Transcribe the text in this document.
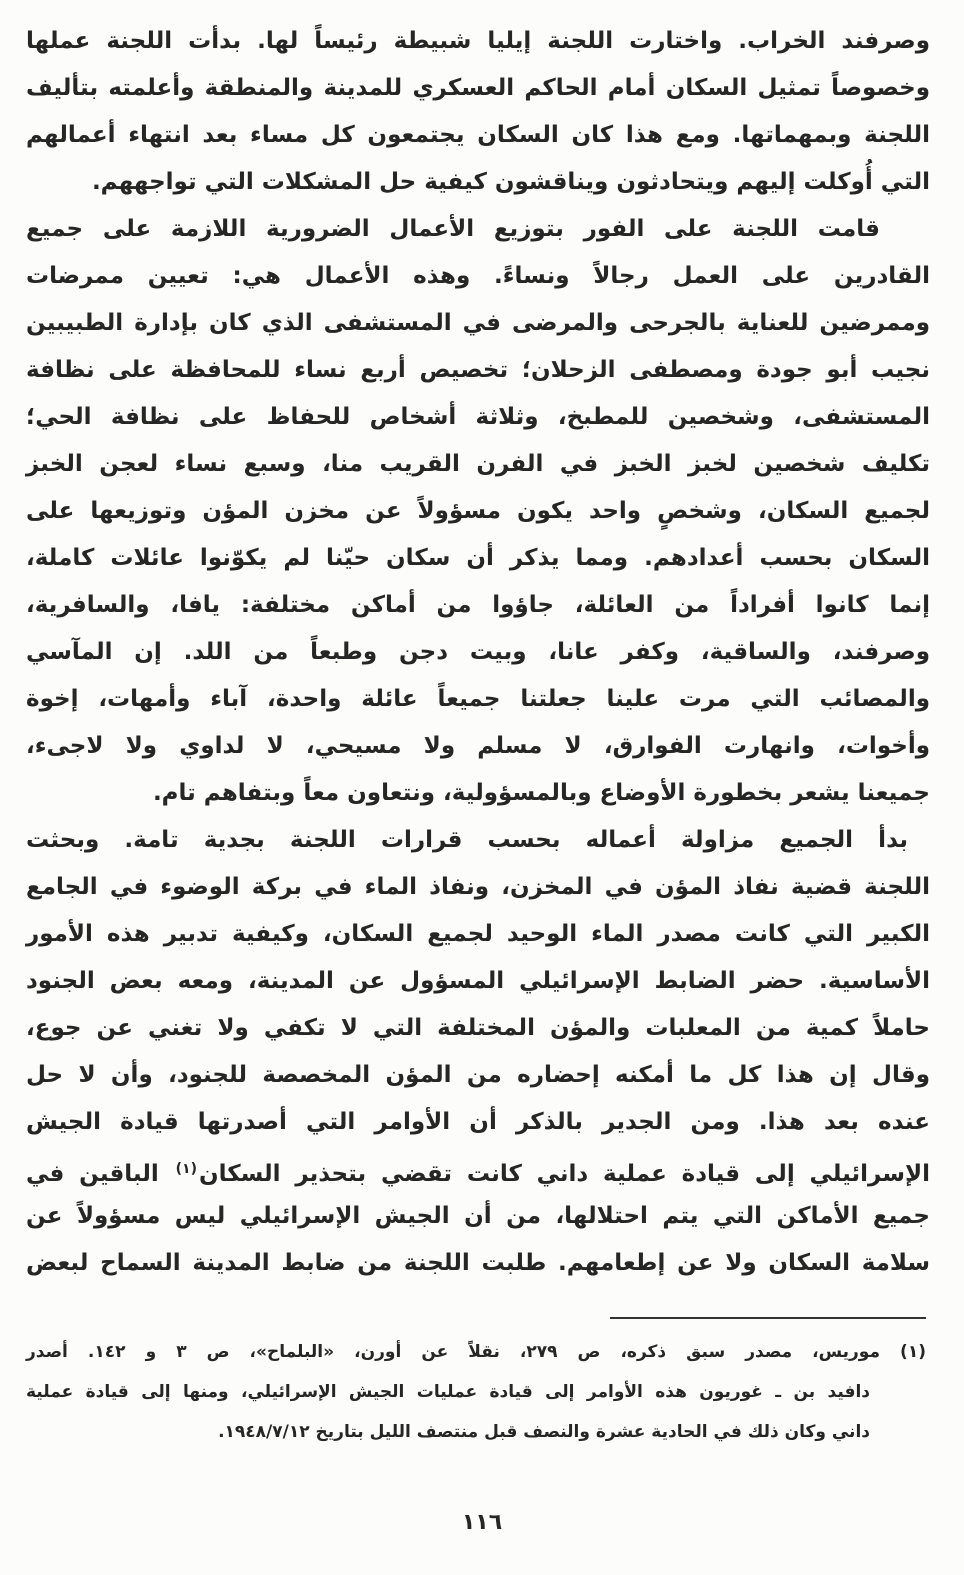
وصرفند الخراب. واختارت اللجنة إيليا شبيطة رئيساً لها. بدأت اللجنة عملها
وخصوصاً تمثيل السكان أمام الحاكم العسكري للمدينة والمنطقة وأعلمته بتأليف
اللجنة وبمهماتها. ومع هذا كان السكان يجتمعون كل مساء بعد انتهاء أعمالهم
التي أُوكلت إليهم ويتحادثون ويناقشون كيفية حل المشكلات التي تواجههم.
قامت اللجنة على الفور بتوزيع الأعمال الضرورية اللازمة على جميع
القادرين على العمل رجالاً ونساءً. وهذه الأعمال هي: تعيين ممرضات
وممرضين للعناية بالجرحى والمرضى في المستشفى الذي كان بإدارة الطبيبين
نجيب أبو جودة ومصطفى الزحلان؛ تخصيص أربع نساء للمحافظة على نظافة
المستشفى، وشخصين للمطبخ، وثلاثة أشخاص للحفاظ على نظافة الحي؛
تكليف شخصين لخبز الخبز في الفرن القريب منا، وسبع نساء لعجن الخبز
لجميع السكان، وشخصٍ واحد يكون مسؤولاً عن مخزن المؤن وتوزيعها على
السكان بحسب أعدادهم. ومما يذكر أن سكان حيّنا لم يكوّنوا عائلات كاملة،
إنما كانوا أفراداً من العائلة، جاؤوا من أماكن مختلفة: يافا، والسافرية،
وصرفند، والساقية، وكفر عانا، وبيت دجن وطبعاً من اللد. إن المآسي
والمصائب التي مرت علينا جعلتنا جميعاً عائلة واحدة، آباء وأمهات، إخوة
وأخوات، وانهارت الفوارق، لا مسلم ولا مسيحي، لا لداوي ولا لاجىء،
جميعنا يشعر بخطورة الأوضاع وبالمسؤولية، ونتعاون معاً وبتفاهم تام.
بدأ الجميع مزاولة أعماله بحسب قرارات اللجنة بجدية تامة. وبحثت
اللجنة قضية نفاذ المؤن في المخزن، ونفاذ الماء في بركة الوضوء في الجامع
الكبير التي كانت مصدر الماء الوحيد لجميع السكان، وكيفية تدبير هذه الأمور
الأساسية. حضر الضابط الإسرائيلي المسؤول عن المدينة، ومعه بعض الجنود
حاملاً كمية من المعلبات والمؤن المختلفة التي لا تكفي ولا تغني عن جوع،
وقال إن هذا كل ما أمكنه إحضاره من المؤن المخصصة للجنود، وأن لا حل
عنده بعد هذا. ومن الجدير بالذكر أن الأوامر التي أصدرتها قيادة الجيش
الإسرائيلي إلى قيادة عملية داني كانت تقضي بتحذير السكان$^{(١)}$ الباقين في
جميع الأماكن التي يتم احتلالها، من أن الجيش الإسرائيلي ليس مسؤولاً عن
سلامة السكان ولا عن إطعامهم. طلبت اللجنة من ضابط المدينة السماح لبعض
(١) موريس، مصدر سبق ذكره، ص ٢٧٩، نقلاً عن أورن، «البلماح»، ص ٣ و ١٤٢. أصدر
دافيد بن ـ غوريون هذه الأوامر إلى قيادة عمليات الجيش الإسرائيلي، ومنها إلى قيادة عملية
داني وكان ذلك في الحادية عشرة والنصف قبل منتصف الليل بتاريخ ١٩٤٨/٧/١٢.
١١٦
